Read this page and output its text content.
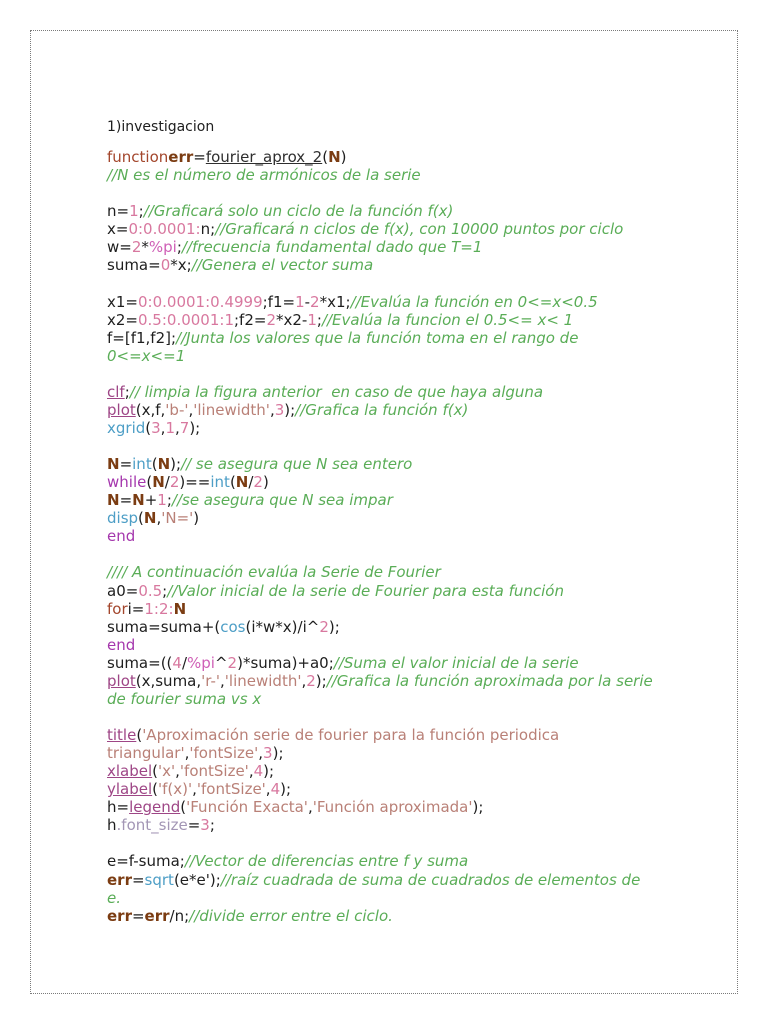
1)investigacion
functionerr=fourier_aprox_2(N)
//N es el número de armónicos de la serie
n=1;//Graficará solo un ciclo de la función f(x)
x=0:0.0001:n;//Graficará n ciclos de f(x), con 10000 puntos por ciclo
w=2*%pi;//frecuencia fundamental dado que T=1
suma=0*x;//Genera el vector suma
x1=0:0.0001:0.4999;f1=1-2*x1;//Evalúa la función en 0<=x<0.5
x2=0.5:0.0001:1;f2=2*x2-1;//Evalúa la funcion el 0.5<= x< 1
f=[f1,f2];//Junta los valores que la función toma en el rango de
0<=x<=1
clf;// limpia la figura anterior  en caso de que haya alguna
plot(x,f,'b-','linewidth',3);//Grafica la función f(x)
xgrid(3,1,7);
N=int(N);// se asegura que N sea entero
while(N/2)==int(N/2)
N=N+1;//se asegura que N sea impar
disp(N,'N=')
end
//// A continuación evalúa la Serie de Fourier
a0=0.5;//Valor inicial de la serie de Fourier para esta función
fori=1:2:N
suma=suma+(cos(i*w*x)/i^2);
end
suma=((4/%pi^2)*suma)+a0;//Suma el valor inicial de la serie
plot(x,suma,'r-','linewidth',2);//Grafica la función aproximada por la serie
de fourier suma vs x
title('Aproximación serie de fourier para la función periodica
triangular','fontSize',3);
xlabel('x','fontSize',4);
ylabel('f(x)','fontSize',4);
h=legend('Función Exacta','Función aproximada');
h.font_size=3;
e=f-suma;//Vector de diferencias entre f y suma
err=sqrt(e*e');//raíz cuadrada de suma de cuadrados de elementos de
e.
err=err/n;//divide error entre el ciclo.
